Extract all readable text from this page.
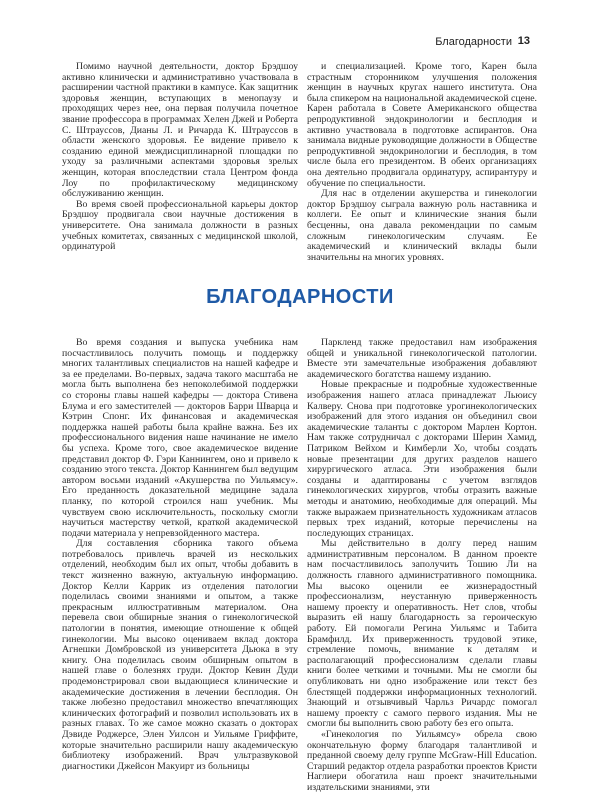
Благодарности 13

Помимо научной деятельности, доктор Брэдшоу активно клинически и административно участвовала в расширении частной практики в кампусе. Как защитник здоровья женщин, вступающих в менопаузу и проходящих через нее, она первая получила почетное звание профессора в программах Хелен Джей и Роберта С. Штрауссов, Дианы Л. и Ричарда К. Штрауссов в области женского здоровья. Ее видение привело к созданию единой междисциплинарной площадки по уходу за различными аспектами здоровья зрелых женщин, которая впоследствии стала Центром фонда Лоу по профилактическому медицинскому обслуживанию женщин.

Во время своей профессиональной карьеры доктор Брэдшоу продвигала свои научные достижения в университете. Она занимала должности в разных учебных комитетах, связанных с медицинской школой, ординатурой

и специализацией. Кроме того, Карен была страстным сторонником улучшения положения женщин в научных кругах нашего института. Она была спикером на национальной академической сцене. Карен работала в Совете Американского общества репродуктивной эндокринологии и бесплодия и активно участвовала в подготовке аспирантов. Она занимала видные руководящие должности в Обществе репродуктивной эндокринологии и бесплодия, в том числе была его президентом. В обеих организациях она деятельно продвигала ординатуру, аспирантуру и обучение по специальности.

Для нас в отделении акушерства и гинекологии доктор Брэдшоу сыграла важную роль наставника и коллеги. Ее опыт и клинические знания были бесценны, она давала рекомендации по самым сложным гинекологическим случаям. Ее академический и клинический вклады были значительны на многих уровнях.

БЛАГОДАРНОСТИ

Во время создания и выпуска учебника нам посчастливилось получить помощь и поддержку многих талантливых специалистов на нашей кафедре и за ее пределами. Во-первых, задача такого масштаба не могла быть выполнена без непоколебимой поддержки со стороны главы нашей кафедры — доктора Стивена Блума и его заместителей — докторов Барри Шварца и Кэтрин Спонг. Их финансовая и академическая поддержка нашей работы была крайне важна. Без их профессионального видения наше начинание не имело бы успеха. Кроме того, свое академическое видение представил доктор Ф. Гэри Каннингем, оно и привело к созданию этого текста. Доктор Каннингем был ведущим автором восьми изданий «Акушерства по Уильямсу». Его преданность доказательной медицине задала планку, по которой строился наш учебник. Мы чувствуем свою исключительность, поскольку смогли научиться мастерству четкой, краткой академической подачи материала у непревзойденного мастера.

Для составления сборника такого объема потребовалось привлечь врачей из нескольких отделений, необходим был их опыт, чтобы добавить в текст жизненно важную, актуальную информацию. Доктор Келли Каррик из отделения патологии поделилась своими знаниями и опытом, а также прекрасным иллюстративным материалом. Она перевела свои обширные знания о гинекологической патологии в понятия, имеющие отношение к общей гинекологии. Мы высоко оцениваем вклад доктора Агнешки Домбровской из университета Дьюка в эту книгу. Она поделилась своим обширным опытом в нашей главе о болезнях груди. Доктор Кевин Дуди продемонстрировал свои выдающиеся клинические и академические достижения в лечении бесплодия. Он также любезно предоставил множество впечатляющих клинических фотографий и позволил использовать их в разных главах. То же самое можно сказать о докторах Дэвиде Роджерсе, Элен Уилсон и Уильяме Гриффите, которые значительно расширили нашу академическую библиотеку изображений. Врач ультразвуковой диагностики Джейсон Макуирт из больницы

Паркленд также предоставил нам изображения общей и уникальной гинекологической патологии. Вместе эти замечательные изображения добавляют академического богатства нашему изданию.

Новые прекрасные и подробные художественные изображения нашего атласа принадлежат Льюису Калверу. Снова при подготовке урогинекологических изображений для этого издания он объединил свои академические таланты с доктором Марлен Кортон. Нам также сотрудничал с докторами Шерин Хамид, Патриком Вейхом и Кимберли Хо, чтобы создать новые презентации для других разделов нашего хирургического атласа. Эти изображения были созданы и адаптированы с учетом взглядов гинекологических хирургов, чтобы отразить важные методы и анатомию, необходимые для операций. Мы также выражаем признательность художникам атласов первых трех изданий, которые перечислены на последующих страницах.

Мы действительно в долгу перед нашим административным персоналом. В данном проекте нам посчастливилось заполучить Тошию Ли на должность главного административного помощника. Мы высоко оценили ее жизнерадостный профессионализм, неустанную приверженность нашему проекту и оперативность. Нет слов, чтобы выразить ей нашу благодарность за героическую работу. Ей помогали Регина Уильямс и Табита Брамфилд. Их приверженность трудовой этике, стремление помочь, внимание к деталям и располагающий профессионализм сделали главы книги более четкими и точными. Мы не смогли бы опубликовать ни одно изображение или текст без блестящей поддержки информационных технологий. Знающий и отзывчивый Чарльз Ричардс помогал нашему проекту с самого первого издания. Мы не смогли бы выполнить свою работу без его опыта.

«Гинекология по Уильямсу» обрела свою окончательную форму благодаря талантливой и преданной своему делу группе McGraw-Hill Education. Старший редактор отдела разработки проектов Кристи Наглиери обогатила наш проект значительными издательскими знаниями, эти
